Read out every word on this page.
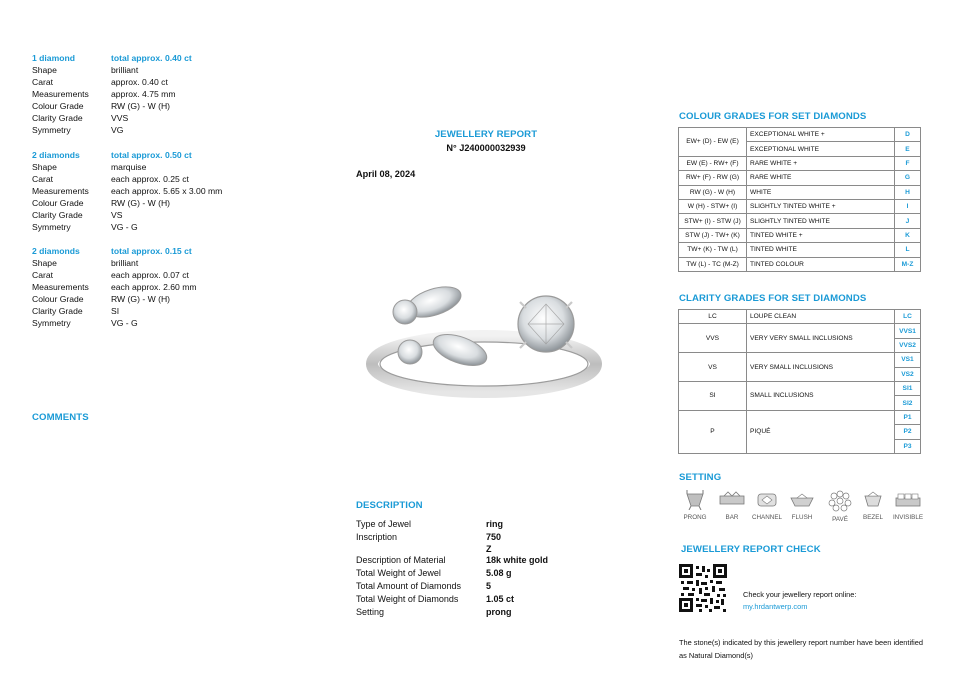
1 diamond	total approx. 0.40 ct
Shape	brilliant
Carat	approx. 0.40 ct
Measurements	approx. 4.75 mm
Colour Grade	RW (G) - W (H)
Clarity Grade	VVS
Symmetry	VG
2 diamonds	total approx. 0.50 ct
Shape	marquise
Carat	each approx. 0.25 ct
Measurements	each approx. 5.65 x 3.00 mm
Colour Grade	RW (G) - W (H)
Clarity Grade	VS
Symmetry	VG - G
2 diamonds	total approx. 0.15 ct
Shape	brilliant
Carat	each approx. 0.07 ct
Measurements	each approx. 2.60 mm
Colour Grade	RW (G) - W (H)
Clarity Grade	SI
Symmetry	VG - G
COMMENTS
JEWELLERY REPORT
N° J240000032939
April 08, 2024
DESCRIPTION
Type of Jewel	ring
Inscription	750
Z
Description of Material	18k white gold
Total Weight of Jewel	5.08 g
Total Amount of Diamonds	5
Total Weight of Diamonds	1.05 ct
Setting	prong
COLOUR GRADES FOR SET DIAMONDS
EW+ (D) - EW (E)	EXCEPTIONAL WHITE +	D
	EXCEPTIONAL WHITE	E
EW (E) - RW+ (F)	RARE WHITE +	F
RW+ (F) - RW (G)	RARE WHITE	G
RW (G) - W (H)	WHITE	H
W (H) - STW+ (I)	SLIGHTLY TINTED WHITE +	I
STW+ (I) - STW (J)	SLIGHTLY TINTED WHITE	J
STW (J) - TW+ (K)	TINTED WHITE +	K
TW+ (K) - TW (L)	TINTED WHITE	L
TW (L) - TC (M-Z)	TINTED COLOUR	M-Z
CLARITY GRADES FOR SET DIAMONDS
LC	LOUPE CLEAN	LC
VVS	VERY VERY SMALL INCLUSIONS	VVS1
		VVS2
VS	VERY SMALL INCLUSIONS	VS1
		VS2
SI	SMALL INCLUSIONS	SI1
		SI2
P	PIQUÉ	P1
		P2
		P3
SETTING
PRONG	BAR	CHANNEL	FLUSH	PAVÉ	BEZEL	INVISIBLE
JEWELLERY REPORT CHECK
Check your jewellery report online:
my.hrdantwerp.com
The stone(s) indicated by this jewellery report number have been identified as Natural Diamond(s)
